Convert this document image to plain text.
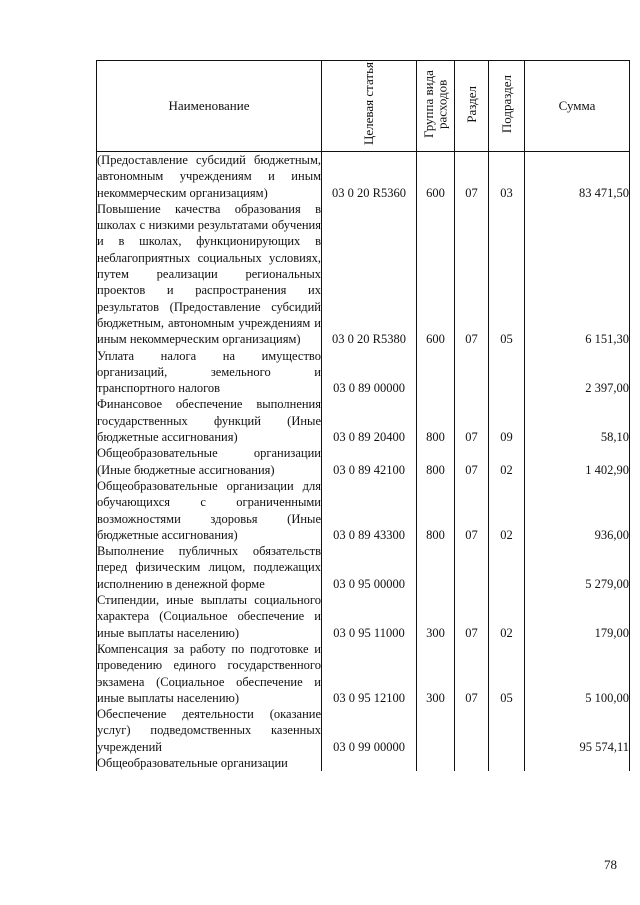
Наименование	Целевая статья	Группа вида расходов	Раздел	Подраздел	Сумма
(Предоставление субсидий бюджетным, автономным учреждениям и иным некоммерческим организациям)	03 0 20 R5360	600	07	03	83 471,50
Повышение качества образования в школах с низкими результатами обучения и в школах, функционирующих в неблагоприятных социальных условиях, путем реализации региональных проектов и распространения их результатов (Предоставление субсидий бюджетным, автономным учреждениям и иным некоммерческим организациям)	03 0 20 R5380	600	07	05	6 151,30
Уплата налога на имущество организаций, земельного и транспортного налогов	03 0 89 00000				2 397,00
Финансовое обеспечение выполнения государственных функций (Иные бюджетные ассигнования)	03 0 89 20400	800	07	09	58,10
Общеобразовательные организации (Иные бюджетные ассигнования)	03 0 89 42100	800	07	02	1 402,90
Общеобразовательные организации для обучающихся с ограниченными возможностями здоровья (Иные бюджетные ассигнования)	03 0 89 43300	800	07	02	936,00
Выполнение публичных обязательств перед физическим лицом, подлежащих исполнению в денежной форме	03 0 95 00000				5 279,00
Стипендии, иные выплаты социального характера (Социальное обеспечение и иные выплаты населению)	03 0 95 11000	300	07	02	179,00
Компенсация за работу по подготовке и проведению единого государственного экзамена (Социальное обеспечение и иные выплаты населению)	03 0 95 12100	300	07	05	5 100,00
Обеспечение деятельности (оказание услуг) подведомственных казенных учреждений	03 0 99 00000				95 574,11
Общеобразовательные организации					
78
